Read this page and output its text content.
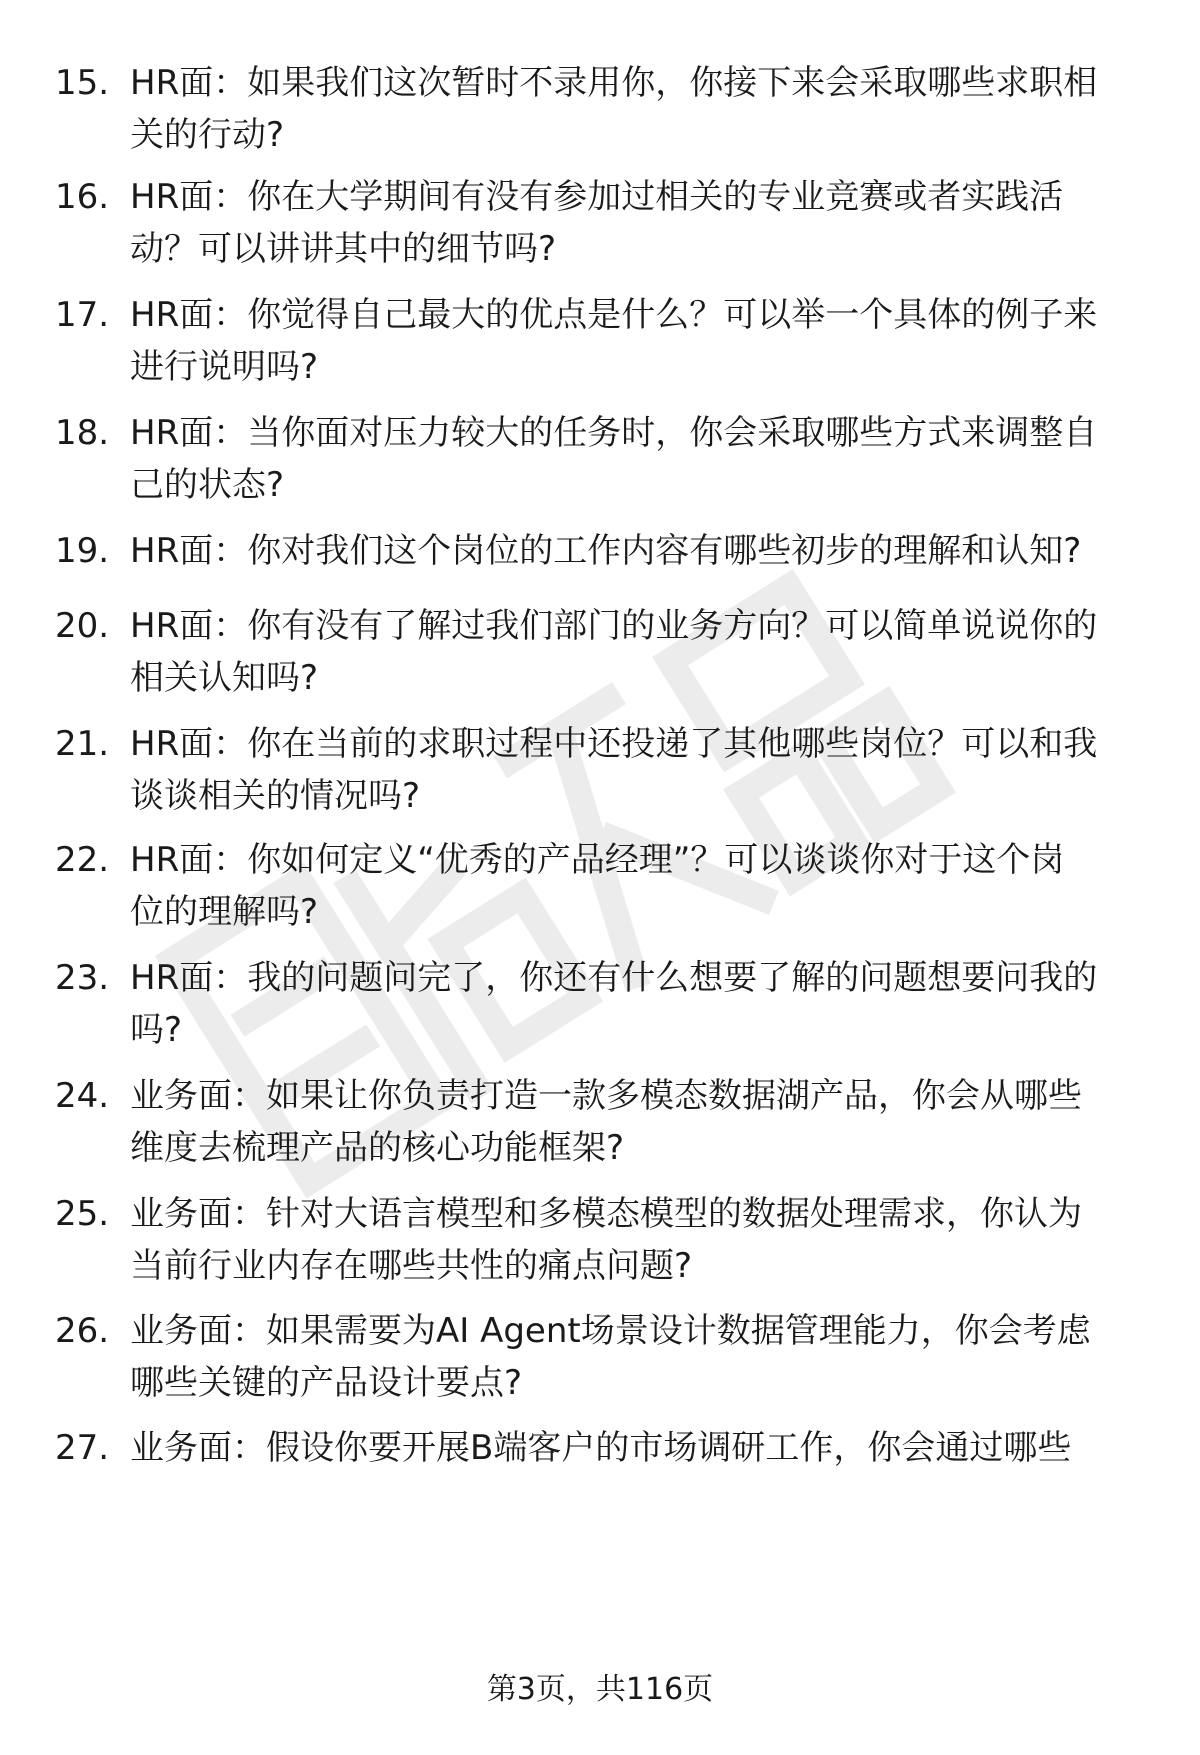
15. HR面：如果我们这次暂时不录用你，你接下来会采取哪些求职相
关的行动?
16. HR面：你在大学期间有没有参加过相关的专业竞赛或者实践活
动？可以讲讲其中的细节吗?
17. HR面：你觉得自己最大的优点是什么？可以举一个具体的例子来
进行说明吗?
18. HR面：当你面对压力较大的任务时，你会采取哪些方式来调整自
己的状态?
19. HR面：你对我们这个岗位的工作内容有哪些初步的理解和认知?
20. HR面：你有没有了解过我们部门的业务方向？可以简单说说你的
相关认知吗?
21. HR面：你在当前的求职过程中还投递了其他哪些岗位？可以和我
谈谈相关的情况吗?
22. HR面：你如何定义“优秀的产品经理”？可以谈谈你对于这个岗
位的理解吗?
23. HR面：我的问题问完了，你还有什么想要了解的问题想要问我的
吗?
24. 业务面：如果让你负责打造一款多模态数据湖产品，你会从哪些
维度去梳理产品的核心功能框架?
25. 业务面：针对大语言模型和多模态模型的数据处理需求，你认为
当前行业内存在哪些共性的痛点问题?
26. 业务面：如果需要为AI Agent场景设计数据管理能力，你会考虑
哪些关键的产品设计要点?
27. 业务面：假设你要开展B端客户的市场调研工作，你会通过哪些
第3页，共116页
